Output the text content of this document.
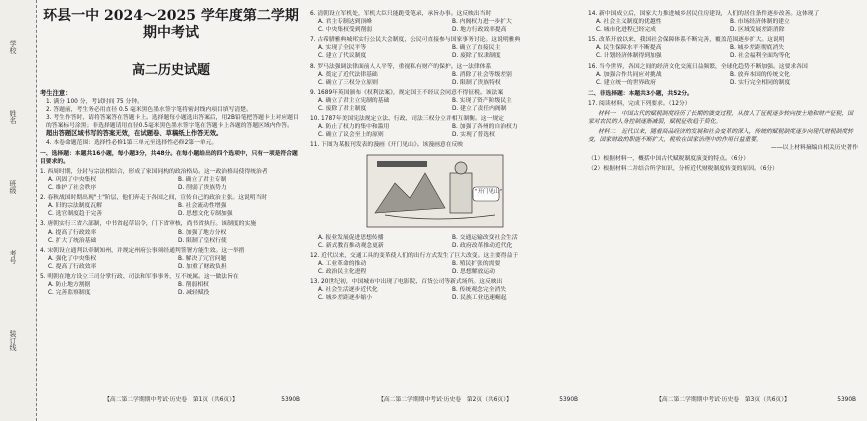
学校
姓名
班级
考号
装订线
环县一中 2024～2025 学年度第二学期期中考试
高二历史试题
考生注意：
1. 满分 100 分，考试时间 75 分钟。
2. 答题前，考生务必用直径 0.5 毫米黑色墨水签字笔将密封线内项目填写清楚。
3. 考生作答时，请将答案答在答题卡上。选择题每小题选出答案后，用2B铅笔把答题卡上对应题目的答案标号涂黑；非选择题请用直径0.5毫米黑色墨水签字笔在答题卡上各题的答题区域内作答。
超出答题区域书写的答案无效，在试题卷、草稿纸上作答无效。
4. 本卷命题范围：选择性必修1第三单元至选择性必修2第一单元。
一、选择题：本题共16小题，每小题3分，共48分。在每小题给出的四个选项中，只有一项是符合题目要求的。
1. 西周时期，分封与宗法相结合，形成了家国同构的政治格局。这一政治格局使得统治者
A. 巩固了中央集权	B. 确立了君主专制
C. 维护了社会秩序	D. 削弱了贵族势力
2. 春秋战国时期出现"士"阶层，他们奔走于各国之间，宣传自己的政治主张。这说明当时
A. 旧的宗法制度瓦解	B. 社会流动性增强
C. 选官制度趋于完善	D. 思想文化专制加强
3. 唐朝实行三省六部制，中书省起草诏令，门下省审核，尚书省执行。该制度的实施
A. 提高了行政效率	B. 加强了地方分权
C. 扩大了统治基础	D. 限制了皇权行使
4. 宋朝设立通判以牵制知州，并规定州府公事须经通判签署方能生效。这一举措
A. 强化了中央集权	B. 解决了冗官问题
C. 提高了行政效率	D. 加重了财政负担
5. 明朝在地方设立三司分掌行政、司法和军事事务，互不统属。这一做法旨在
A. 防止地方割据	B. 削弱相权
C. 完善监察制度	D. 减轻赋役
【高二第二学期期中考试·历史卷　第1页（共6页）】	5390B
6. 清朝设立军机处，军机大臣只能跪受笔录，承旨办事。这反映出当时
A. 君主专制达到顶峰	B. 内阁权力进一步扩大
C. 中央集权受到削弱	D. 地方行政效率提高
7. 古希腊雅典城邦实行公民大会制度，公民可直接参与国家事务讨论。这说明雅典
A. 实现了全民平等	B. 确立了直接民主
C. 建立了代议制度	D. 废除了奴隶制度
8. 罗马法强调法律面前人人平等，重视私有财产的保护。这一法律体系
A. 奠定了近代法律基础	B. 消除了社会等级差别
C. 确立了三权分立原则	D. 限制了贵族特权
9. 1689年英国颁布《权利法案》，规定国王不经议会同意不得征税。该法案
A. 确立了君主立宪制的基础	B. 实现了资产阶级民主
C. 废除了君主制度	D. 建立了责任内阁制
10. 1787年美国宪法规定立法、行政、司法三权分立并相互制衡。这一规定
A. 防止了权力的集中和滥用	B. 加强了各州的自治权力
C. 确立了议会至上的原则	D. 实现了普选权
11. 下图为某报刊发表的漫画《开门见山》。该漫画意在反映
"开门见山"
A. 报业发展促进思想传播	B. 交通运输改变社会生活
C. 新式教育推动观念更新	D. 政府改革推动近代化
12. 近代以来，交通工具的变革使人们的出行方式发生了巨大改变。这主要得益于
A. 工业革命的推动	B. 殖民扩张的需要
C. 政治民主化进程	D. 思想解放运动
13. 20世纪初，中国城市中出现了电影院、百货公司等新式场所。这反映出
A. 社会生活逐步近代化	B. 传统观念完全消失
C. 城乡差距逐步缩小	D. 民族工业迅速崛起
【高二第二学期期中考试·历史卷　第2页（共6页）】	5390B
14. 新中国成立后，国家大力推进城乡居民住房建设，人们的居住条件逐步改善。这体现了
A. 社会主义制度的优越性	B. 市场经济体制的建立
C. 城市化进程已经完成	D. 区域发展差距消除
15. 改革开放以来，我国社会保障体系不断完善，覆盖范围逐步扩大。这说明
A. 民生保障水平不断提高	B. 城乡差距彻底消失
C. 计划经济体制得到加强	D. 社会福利全面均等化
16. 当今世界，各国之间的经济文化交流日益频繁，全球化趋势不断加强。这要求各国
A. 加强合作共同应对挑战	B. 放弃本国的传统文化
C. 建立统一的世界政府	D. 实行完全相同的制度
二、非选择题：本题共3小题，共52分。
17. 阅读材料，完成下列要求。（12分）
材料一　中国古代的赋税制度经历了长期的演变过程，从按人丁征税逐步转向按土地和财产征税，国家对农民的人身控制逐渐减弱，赋税征收趋于简化。
材料二　近代以来，随着商品经济的发展和社会变革的深入，传统的赋税制度逐步向现代财税制度转变，国家财政的职能不断扩大，税收在国家治理中的作用日益重要。
——以上材料摘编自相关历史著作
（1）根据材料一，概括中国古代赋税制度演变的特点。（6分）
（2）根据材料二并结合所学知识，分析近代财税制度转变的原因。（6分）
【高二第二学期期中考试·历史卷　第3页（共6页）】	5390B
